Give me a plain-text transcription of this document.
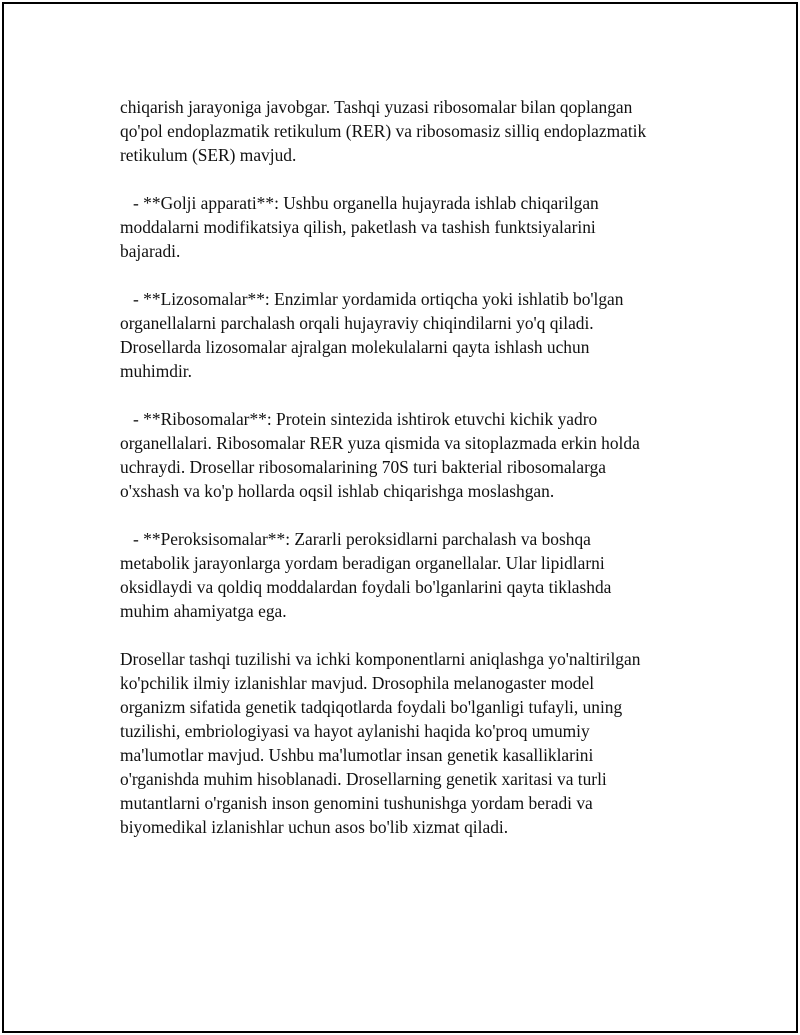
chiqarish jarayoniga javobgar. Tashqi yuzasi ribosomalar bilan qoplangan
qo'pol endoplazmatik retikulum (RER) va ribosomasiz silliq endoplazmatik
retikulum (SER) mavjud.

- **Golji apparati**: Ushbu organella hujayrada ishlab chiqarilgan
moddalarni modifikatsiya qilish, paketlash va tashish funktsiyalarini
bajaradi.

- **Lizosomalar**: Enzimlar yordamida ortiqcha yoki ishlatib bo'lgan
organellalarni parchalash orqali hujayraviy chiqindilarni yo'q qiladi.
Drosellarda lizosomalar ajralgan molekulalarni qayta ishlash uchun
muhimdir.

- **Ribosomalar**: Protein sintezida ishtirok etuvchi kichik yadro
organellalari. Ribosomalar RER yuza qismida va sitoplazmada erkin holda
uchraydi. Drosellar ribosomalarining 70S turi bakterial ribosomalarga
o'xshash va ko'p hollarda oqsil ishlab chiqarishga moslashgan.

- **Peroksisomalar**: Zararli peroksidlarni parchalash va boshqa
metabolik jarayonlarga yordam beradigan organellalar. Ular lipidlarni
oksidlaydi va qoldiq moddalardan foydali bo'lganlarini qayta tiklashda
muhim ahamiyatga ega.

Drosellar tashqi tuzilishi va ichki komponentlarni aniqlashga yo'naltirilgan
ko'pchilik ilmiy izlanishlar mavjud. Drosophila melanogaster model
organizm sifatida genetik tadqiqotlarda foydali bo'lganligi tufayli, uning
tuzilishi, embriologiyasi va hayot aylanishi haqida ko'proq umumiy
ma'lumotlar mavjud. Ushbu ma'lumotlar insan genetik kasalliklarini
o'rganishda muhim hisoblanadi. Drosellarning genetik xaritasi va turli
mutantlarni o'rganish inson genomini tushunishga yordam beradi va
biyomedikal izlanishlar uchun asos bo'lib xizmat qiladi.
